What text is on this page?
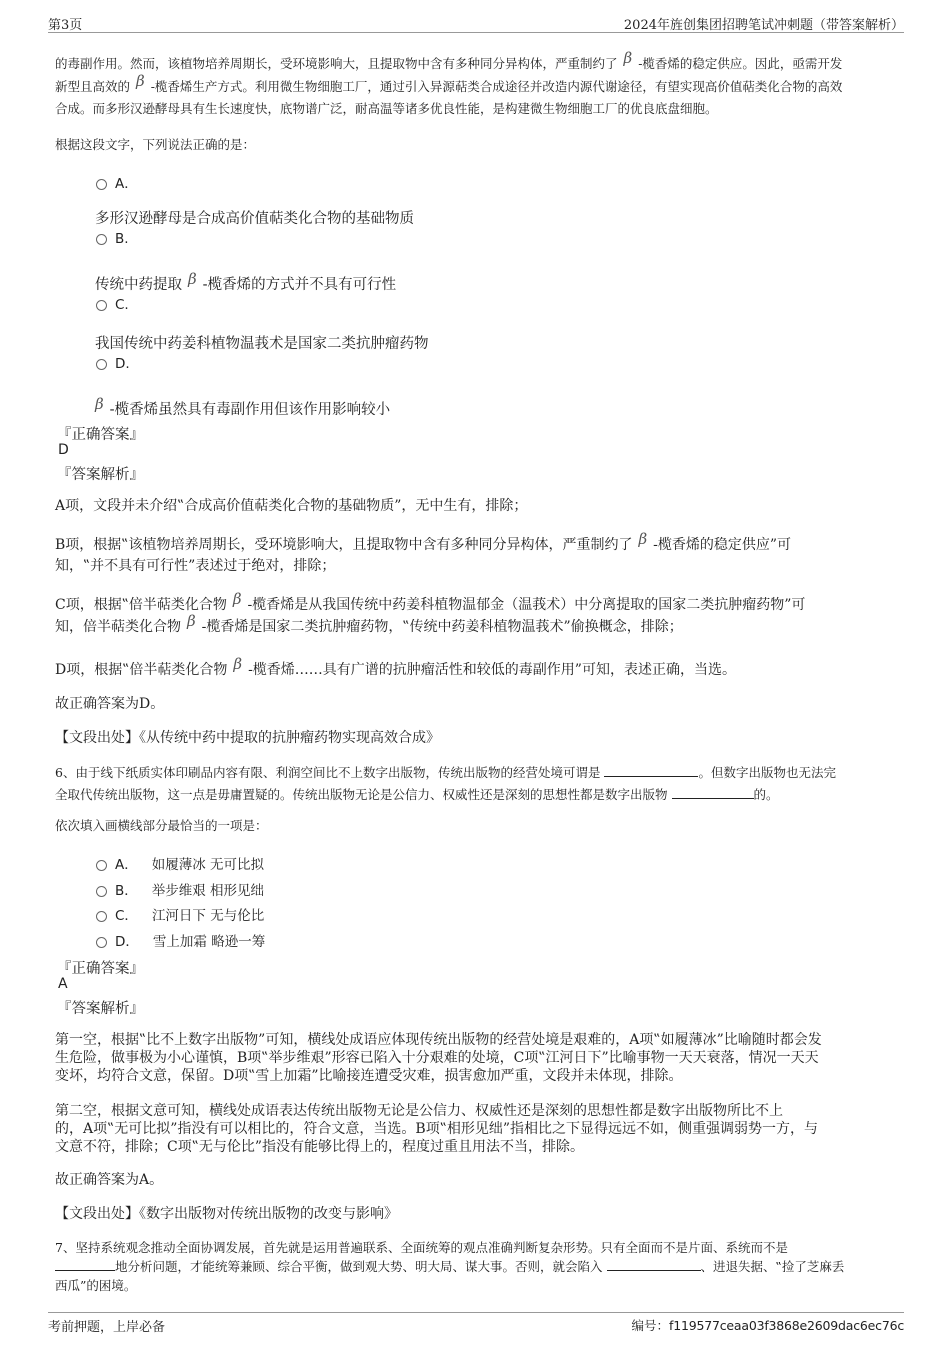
第3页	2024年旌创集团招聘笔试冲刺题（带答案解析）
的毒副作用。然而，该植物培养周期长，受环境影响大，且提取物中含有多种同分异构体，严重制约了 β -榄香烯的稳定供应。因此，亟需开发
新型且高效的 β -榄香烯生产方式。利用微生物细胞工厂，通过引入异源萜类合成途径并改造内源代谢途径，有望实现高价值萜类化合物的高效
合成。而多形汉逊酵母具有生长速度快，底物谱广泛，耐高温等诸多优良性能，是构建微生物细胞工厂的优良底盘细胞。
根据这段文字，下列说法正确的是：
A．
多形汉逊酵母是合成高价值萜类化合物的基础物质
B.
传统中药提取 β -榄香烯的方式并不具有可行性
C.
我国传统中药姜科植物温莪术是国家二类抗肿瘤药物
D.
β -榄香烯虽然具有毒副作用但该作用影响较小
『正确答案』
D
『答案解析』
A项，文段并未介绍‟合成高价值萜类化合物的基础物质”，无中生有，排除；
B项，根据‟该植物培养周期长，受环境影响大，且提取物中含有多种同分异构体，严重制约了 β -榄香烯的稳定供应”可
知，‟并不具有可行性”表述过于绝对，排除；
C项，根据‟倍半萜类化合物 β -榄香烯是从我国传统中药姜科植物温郁金（温莪术）中分离提取的国家二类抗肿瘤药物”可
知，倍半萜类化合物 β -榄香烯是国家二类抗肿瘤药物，‟传统中药姜科植物温莪术”偷换概念，排除；
D项，根据‟倍半萜类化合物 β -榄香烯……具有广谱的抗肿瘤活性和较低的毒副作用”可知，表述正确，当选。
故正确答案为D。
【文段出处】《从传统中药中提取的抗肿瘤药物实现高效合成》
6、由于线下纸质实体印刷品内容有限、利润空间比不上数字出版物，传统出版物的经营处境可谓是	。但数字出版物也无法完
全取代传统出版物，这一点是毋庸置疑的。传统出版物无论是公信力、权威性还是深刻的思想性都是数字出版物	的。
依次填入画横线部分最恰当的一项是：
A． 如履薄冰 无可比拟
B． 举步维艰 相形见绌
C． 江河日下 无与伦比
D． 雪上加霜 略逊一筹
『正确答案』
A
『答案解析』
第一空，根据‟比不上数字出版物”可知，横线处成语应体现传统出版物的经营处境是艰难的，A项‟如履薄冰”比喻随时都会发
生危险，做事极为小心谨慎，B项‟举步维艰”形容已陷入十分艰难的处境，C项‟江河日下”比喻事物一天天衰落，情况一天天
变坏，均符合文意，保留。D项‟雪上加霜”比喻接连遭受灾难，损害愈加严重，文段并未体现，排除。
第二空，根据文意可知，横线处成语表达传统出版物无论是公信力、权威性还是深刻的思想性都是数字出版物所比不上
的，A项‟无可比拟”指没有可以相比的，符合文意，当选。B项‟相形见绌”指相比之下显得远远不如，侧重强调弱势一方，与
文意不符，排除；C项‟无与伦比”指没有能够比得上的，程度过重且用法不当，排除。
故正确答案为A。
【文段出处】《数字出版物对传统出版物的改变与影响》
7、坚持系统观念推动全面协调发展，首先就是运用普遍联系、全面统筹的观点准确判断复杂形势。只有全面而不是片面、系统而不是
地分析问题，才能统筹兼顾、综合平衡，做到观大势、明大局、谋大事。否则，就会陷入	、进退失据、‟捡了芝麻丢
西瓜”的困境。
考前押题，上岸必备	编号：f119577ceaa03f3868e2609dac6ec76c
